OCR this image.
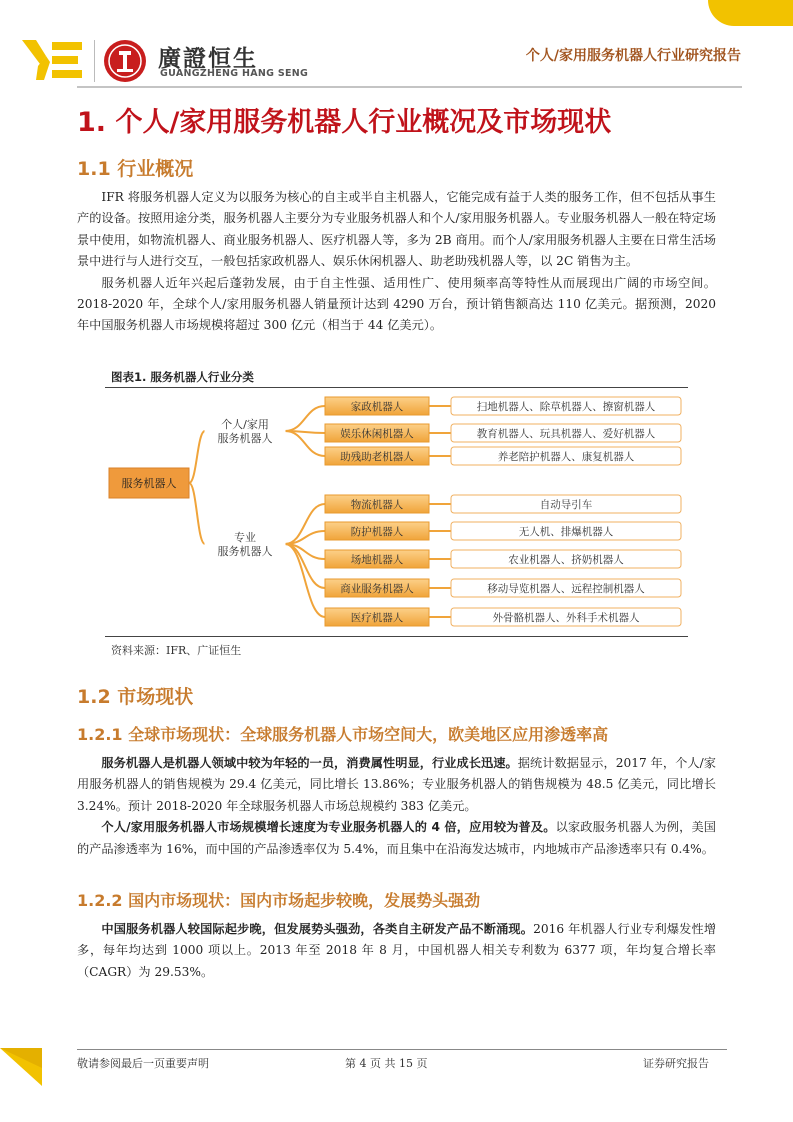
廣證恒生
GUANGZHENG HANG SENG
个人/家用服务机器人行业研究报告
1. 个人/家用服务机器人行业概况及市场现状
1.1 行业概况

IFR 将服务机器人定义为以服务为核心的自主或半自主机器人，它能完成有益于人类的服务工作，但不包括从事生产的设备。按照用途分类，服务机器人主要分为专业服务机器人和个人/家用服务机器人。专业服务机器人一般在特定场景中使用，如物流机器人、商业服务机器人、医疗机器人等，多为 2B 商用。而个人/家用服务机器人主要在日常生活场景中进行与人进行交互，一般包括家政机器人、娱乐休闲机器人、助老助残机器人等，以 2C 销售为主。

服务机器人近年兴起后蓬勃发展，由于自主性强、适用性广、使用频率高等特性从而展现出广阔的市场空间。2018-2020 年，全球个人/家用服务机器人销量预计达到 4290 万台，预计销售额高达 110 亿美元。据预测，2020 年中国服务机器人市场规模将超过 300 亿元（相当于 44 亿美元）。

图表1. 服务机器人行业分类
服务机器人
个人/家用服务机器人
家政机器人	扫地机器人、除草机器人、擦窗机器人
娱乐休闲机器人	教育机器人、玩具机器人、爱好机器人
助残助老机器人	养老陪护机器人、康复机器人
专业服务机器人
物流机器人	自动导引车
防护机器人	无人机、排爆机器人
场地机器人	农业机器人、挤奶机器人
商业服务机器人	移动导览机器人、远程控制机器人
医疗机器人	外骨骼机器人、外科手术机器人
资料来源：IFR、广证恒生
1.2 市场现状
1.2.1 全球市场现状：全球服务机器人市场空间大，欧美地区应用渗透率高

服务机器人是机器人领域中较为年轻的一员，消费属性明显，行业成长迅速。据统计数据显示，2017 年，个人/家用服务机器人的销售规模为 29.4 亿美元，同比增长 13.86%；专业服务机器人的销售规模为 48.5 亿美元，同比增长 3.24%。预计 2018-2020 年全球服务机器人市场总规模约 383 亿美元。

个人/家用服务机器人市场规模增长速度为专业服务机器人的 4 倍，应用较为普及。以家政服务机器人为例，美国的产品渗透率为 16%，而中国的产品渗透率仅为 5.4%，而且集中在沿海发达城市，内地城市产品渗透率只有 0.4%。

1.2.2 国内市场现状：国内市场起步较晚，发展势头强劲

中国服务机器人较国际起步晚，但发展势头强劲，各类自主研发产品不断涌现。2016 年机器人行业专利爆发性增多，每年均达到 1000 项以上。2013 年至 2018 年 8 月，中国机器人相关专利数为 6377 项，年均复合增长率（CAGR）为 29.53%。

敬请参阅最后一页重要声明	第 4 页 共 15 页	证券研究报告
